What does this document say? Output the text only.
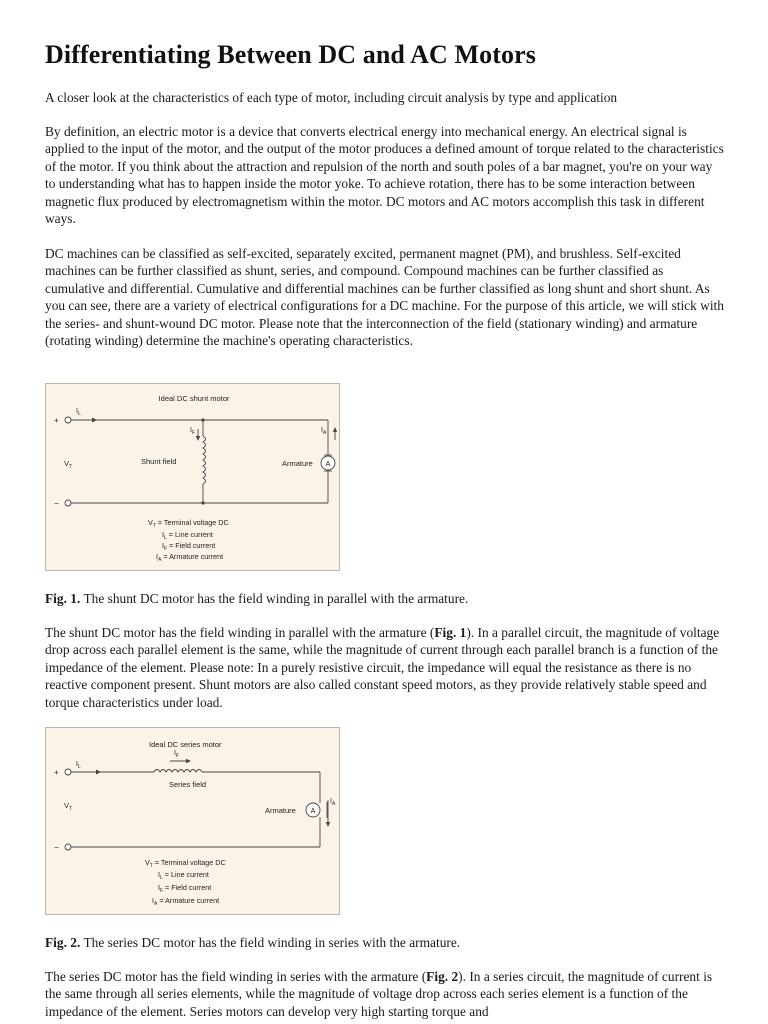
Differentiating Between DC and AC Motors

A closer look at the characteristics of each type of motor, including circuit analysis by type and application

By definition, an electric motor is a device that converts electrical energy into mechanical energy. An electrical signal is applied to the input of the motor, and the output of the motor produces a defined amount of torque related to the characteristics of the motor. If you think about the attraction and repulsion of the north and south poles of a bar magnet, you're on your way to understanding what has to happen inside the motor yoke. To achieve rotation, there has to be some interaction between magnetic flux produced by electromagnetism within the motor. DC motors and AC motors accomplish this task in different ways.

DC machines can be classified as self-excited, separately excited, permanent magnet (PM), and brushless. Self-excited machines can be further classified as shunt, series, and compound. Compound machines can be further classified as cumulative and differential. Cumulative and differential machines can be further classified as long shunt and short shunt. As you can see, there are a variety of electrical configurations for a DC machine. For the purpose of this article, we will stick with the series- and shunt-wound DC motor. Please note that the interconnection of the field (stationary winding) and armature (rotating winding) determine the machine's operating characteristics.

Ideal DC shunt motor
+
$I_L$
−
$I_F$
Shunt field	A
$I_A$
Armature
$V_T$
$V_T$ = Terminal voltage DC
$I_L$ = Line current
$I_F$ = Field current
$I_A$ = Armature current

Fig. 1. The shunt DC motor has the field winding in parallel with the armature.

The shunt DC motor has the field winding in parallel with the armature (Fig. 1). In a parallel circuit, the magnitude of voltage drop across each parallel element is the same, while the magnitude of current through each parallel branch is a function of the impedance of the element. Please note: In a purely resistive circuit, the impedance will equal the resistance as there is no reactive component present. Shunt motors are also called constant speed motors, as they provide relatively stable speed and torque characteristics under load.

Ideal DC series motor
$I_F$
Series field
+
$I_L$
A
$I_A$
Armature
−
$V_T$
$V_T$ = Terminal voltage DC
$I_L$ = Line current
$I_F$ = Field current
$I_A$ = Armature current

Fig. 2. The series DC motor has the field winding in series with the armature.

The series DC motor has the field winding in series with the armature (Fig. 2). In a series circuit, the magnitude of current is the same through all series elements, while the magnitude of voltage drop across each series element is a function of the impedance of the element. Series motors can develop very high starting torque and
